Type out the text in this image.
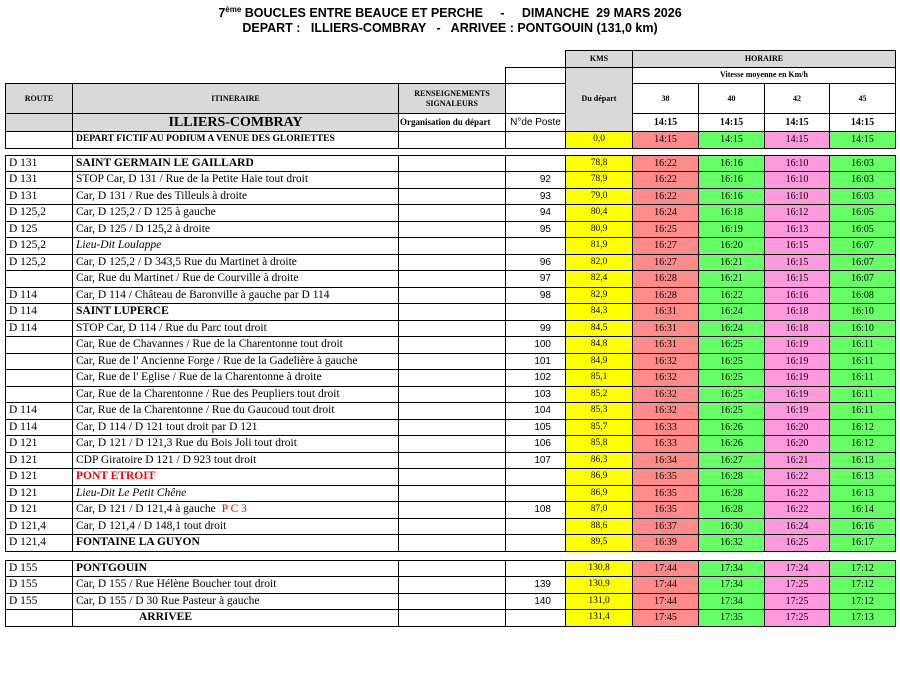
7ème BOUCLES ENTRE BEAUCE ET PERCHE     -     DIMANCHE  29 MARS 2026
DEPART :   ILLIERS-COMBRAY   -   ARRIVEE : PONTGOUIN (131,0 km)
				KMS	HORAIRE			
				Du départ	Vitesse moyenne en Km/h			
ROUTE	ITINERAIRE	RENSEIGNEMENTS SIGNALEURS			38	40	42	45
	ILLIERS-COMBRAY	Organisation du départ	N°de Poste		14:15	14:15	14:15	14:15
	DEPART FICTIF AU PODIUM A VENUE DES GLORIETTES			0,0	14:15	14:15	14:15	14:15

D 131	SAINT GERMAIN LE GAILLARD			78,8	16:22	16:16	16:10	16:03
D 131	STOP Car, D 131 / Rue de la Petite Haie tout droit		92	78,9	16:22	16:16	16:10	16:03
D 131	Car, D 131 / Rue des Tilleuls à droite		93	79,0	16:22	16:16	16:10	16:03
D 125,2	Car, D 125,2 / D 125 à gauche		94	80,4	16:24	16:18	16:12	16:05
D 125	Car, D 125 / D 125,2 à droite		95	80,9	16:25	16:19	16:13	16:05
D 125,2	Lieu-Dit Loulappe			81,9	16:27	16:20	16:15	16:07
D 125,2	Car, D 125,2 / D 343,5 Rue du Martinet à droite		96	82,0	16:27	16:21	16:15	16:07
	Car, Rue du Martinet / Rue de Courville à droite		97	82,4	16:28	16:21	16:15	16:07
D 114	Car, D 114 / Château de Baronville à gauche par D 114		98	82,9	16:28	16:22	16:16	16:08
D 114	SAINT LUPERCE			84,3	16:31	16:24	16:18	16:10
D 114	STOP Car, D 114 / Rue du Parc tout droit		99	84,5	16:31	16:24	16:18	16:10
	Car, Rue de Chavannes / Rue de la Charentonne tout droit		100	84,8	16:31	16:25	16:19	16:11
	Car, Rue de l' Ancienne Forge / Rue de la Gadelière à gauche		101	84,9	16:32	16:25	16:19	16:11
	Car, Rue de l' Eglise / Rue de la Charentonne à droite		102	85,1	16:32	16:25	16:19	16:11
	Car, Rue de la Charentonne / Rue des Peupliers tout droit		103	85,2	16:32	16:25	16:19	16:11
D 114	Car, Rue de la Charentonne / Rue du Gaucoud tout droit		104	85,3	16:32	16:25	16:19	16:11
D 114	Car, D 114 / D 121 tout droit par D 121		105	85,7	16:33	16:26	16:20	16:12
D 121	Car, D 121 / D 121,3 Rue du Bois Joli tout droit		106	85,8	16:33	16:26	16:20	16:12
D 121	CDP Giratoire D 121 / D 923 tout droit		107	86,3	16:34	16:27	16:21	16:13
D 121	PONT ETROIT			86,9	16:35	16:28	16:22	16:13
D 121	Lieu-Dit Le Petit Chêne			86,9	16:35	16:28	16:22	16:13
D 121	Car, D 121 / D 121,4 à gauche P C 3		108	87,0	16:35	16:28	16:22	16:14
D 121,4	Car, D 121,4 / D 148,1 tout droit			88,6	16:37	16:30	16:24	16:16
D 121,4	FONTAINE LA GUYON			89,5	16:39	16:32	16:25	16:17

D 155	PONTGOUIN			130,8	17:44	17:34	17:24	17:12
D 155	Car, D 155 / Rue Hélène Boucher tout droit		139	130,9	17:44	17:34	17:25	17:12
D 155	Car, D 155 / D 30 Rue Pasteur à gauche		140	131,0	17:44	17:34	17:25	17:12
	ARRIVEE			131,4	17:45	17:35	17:25	17:13
